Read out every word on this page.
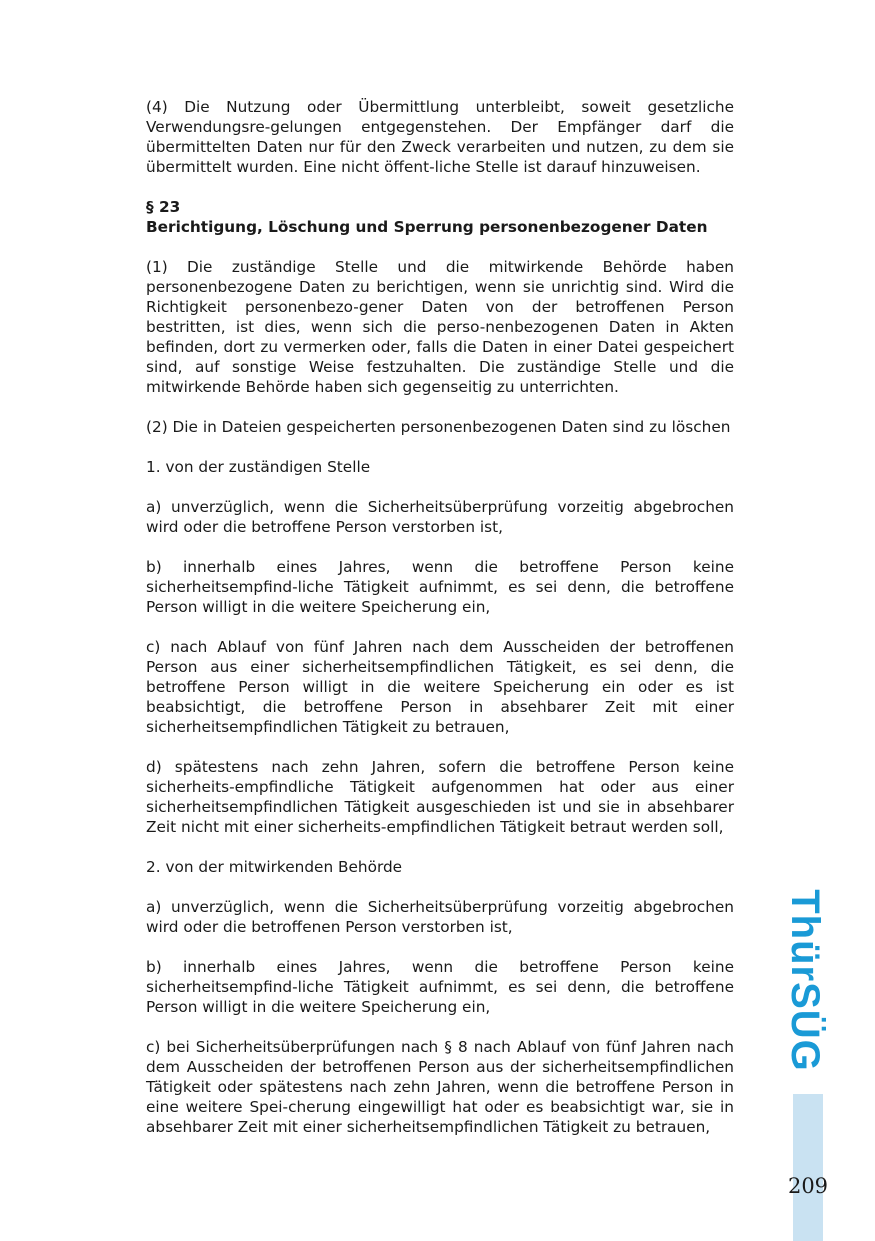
(4) Die Nutzung oder Übermittlung unterbleibt, soweit gesetzliche Verwendungsre-gelungen entgegenstehen. Der Empfänger darf die übermittelten Daten nur für den Zweck verarbeiten und nutzen, zu dem sie übermittelt wurden. Eine nicht öffent-liche Stelle ist darauf hinzuweisen.

§ 23
Berichtigung, Löschung und Sperrung personenbezogener Daten

(1) Die zuständige Stelle und die mitwirkende Behörde haben personenbezogene Daten zu berichtigen, wenn sie unrichtig sind. Wird die Richtigkeit personenbezo-gener Daten von der betroffenen Person bestritten, ist dies, wenn sich die perso-nenbezogenen Daten in Akten befinden, dort zu vermerken oder, falls die Daten in einer Datei gespeichert sind, auf sonstige Weise festzuhalten. Die zuständige Stelle und die mitwirkende Behörde haben sich gegenseitig zu unterrichten.

(2) Die in Dateien gespeicherten personenbezogenen Daten sind zu löschen

1. von der zuständigen Stelle

a) unverzüglich, wenn die Sicherheitsüberprüfung vorzeitig abgebrochen wird oder die betroffene Person verstorben ist,

b) innerhalb eines Jahres, wenn die betroffene Person keine sicherheitsempfind-liche Tätigkeit aufnimmt, es sei denn, die betroffene Person willigt in die weitere Speicherung ein,

c) nach Ablauf von fünf Jahren nach dem Ausscheiden der betroffenen Person aus einer sicherheitsempfindlichen Tätigkeit, es sei denn, die betroffene Person willigt in die weitere Speicherung ein oder es ist beabsichtigt, die betroffene Person in absehbarer Zeit mit einer sicherheitsempfindlichen Tätigkeit zu betrauen,

d) spätestens nach zehn Jahren, sofern die betroffene Person keine sicherheits-empfindliche Tätigkeit aufgenommen hat oder aus einer sicherheitsempfindlichen Tätigkeit ausgeschieden ist und sie in absehbarer Zeit nicht mit einer sicherheits-empfindlichen Tätigkeit betraut werden soll,

2. von der mitwirkenden Behörde

a) unverzüglich, wenn die Sicherheitsüberprüfung vorzeitig abgebrochen wird oder die betroffenen Person verstorben ist,

b) innerhalb eines Jahres, wenn die betroffene Person keine sicherheitsempfind-liche Tätigkeit aufnimmt, es sei denn, die betroffene Person willigt in die weitere Speicherung ein,

c) bei Sicherheitsüberprüfungen nach § 8 nach Ablauf von fünf Jahren nach dem Ausscheiden der betroffenen Person aus der sicherheitsempfindlichen Tätigkeit oder spätestens nach zehn Jahren, wenn die betroffene Person in eine weitere Spei-cherung eingewilligt hat oder es beabsichtigt war, sie in absehbarer Zeit mit einer sicherheitsempfindlichen Tätigkeit zu betrauen,

ThürSÜG
209
